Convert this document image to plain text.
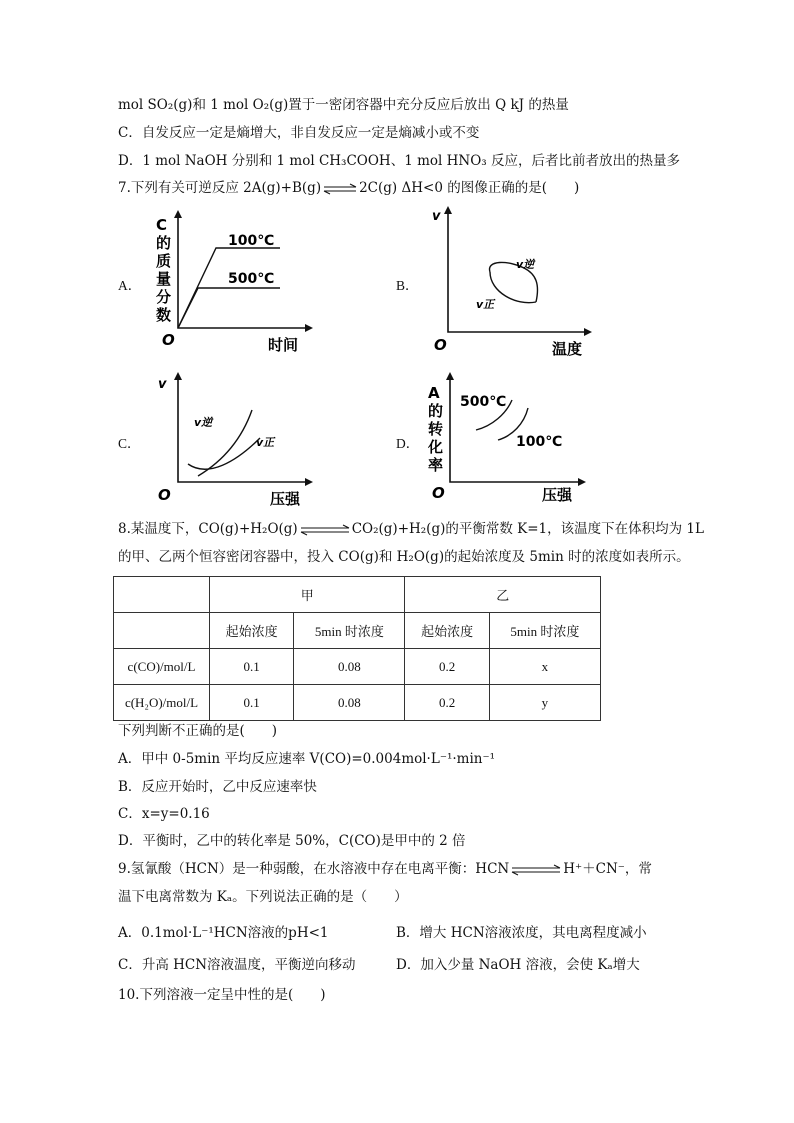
mol SO₂(g)和 1 mol O₂(g)置于一密闭容器中充分反应后放出 Q kJ 的热量
C．自发反应一定是熵增大，非自发反应一定是熵减小或不变
D．1 mol NaOH 分别和 1 mol CH₃COOH、1 mol HNO₃ 反应，后者比前者放出的热量多
7.下列有关可逆反应 2A(g)+B(g) ⇌ 2C(g) ΔH<0 的图像正确的是(　　)
A．	B．
C．	D．
C
的
质
量
分
数
O	时间
100℃
500℃
v
O	温度
v逆
v正
v
O	压强
v逆
v正
A
的
转
化
率
O	压强
500℃
100℃
8.某温度下，CO(g)+H₂O(g) ⇌ CO₂(g)+H₂(g)的平衡常数 K=1，该温度下在体积均为 1L
的甲、乙两个恒容密闭容器中，投入 CO(g)和 H₂O(g)的起始浓度及 5min 时的浓度如表所示。
	甲		乙	
	起始浓度	5min 时浓度	起始浓度	5min 时浓度
c(CO)/mol/L	0.1	0.08	0.2	x
c(H₂O)/mol/L	0.1	0.08	0.2	y
下列判断不正确的是(　　)
A．甲中 0-5min 平均反应速率 V(CO)=0.004mol·L⁻¹·min⁻¹
B．反应开始时，乙中反应速率快
C．x=y=0.16
D．平衡时，乙中的转化率是 50%，C(CO)是甲中的 2 倍
9.氢氰酸（HCN）是一种弱酸，在水溶液中存在电离平衡：HCN ⇌ H⁺＋CN⁻，常
温下电离常数为 Kₐ。下列说法正确的是（　　）
A．0.1mol·L⁻¹HCN溶液的pH<1	B．增大 HCN溶液浓度，其电离程度减小
C．升高 HCN溶液温度，平衡逆向移动	D．加入少量 NaOH 溶液，会使 Kₐ增大
10.下列溶液一定呈中性的是(　　)
